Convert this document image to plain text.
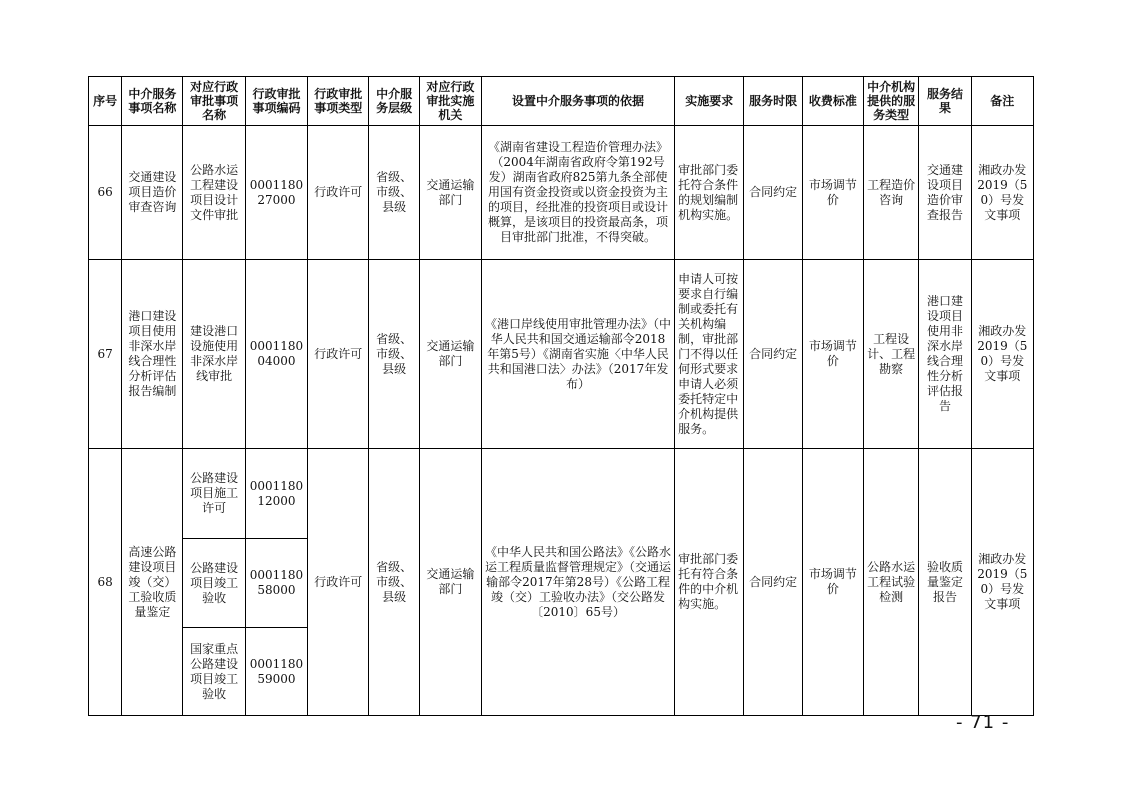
序号	中介服务事项名称	对应行政审批事项名称	行政审批事项编码	行政审批事项类型	中介服务层级	对应行政审批实施机关	设置中介服务事项的依据	实施要求	服务时限	收费标准	中介机构提供的服务类型	服务结果	备注
66	交通建设项目造价审查咨询	公路水运工程建设项目设计文件审批	000118027000	行政许可	省级、市级、县级	交通运输部门	《湖南省建设工程造价管理办法》（2004年湖南省政府令第192号发）湖南省政府825第九条全部使用国有资金投资或以资金投资为主的项目，经批准的投资项目或设计概算，是该项目的投资最高条，项目审批部门批准，不得突破。	审批部门委托符合条件的规划编制机构实施。	合同约定	市场调节价	工程造价咨询	交通建设项目造价审查报告	湘政办发2019（50）号发文事项
67	港口建设项目使用非深水岸线合理性分析评估报告编制	建设港口设施使用非深水岸线审批	000118004000	行政许可	省级、市级、县级	交通运输部门	《港口岸线使用审批管理办法》（中华人民共和国交通运输部令2018年第5号）《湖南省实施〈中华人民共和国港口法〉办法》（2017年发布）	申请人可按要求自行编制或委托有关机构编制，审批部门不得以任何形式要求申请人必须委托特定中介机构提供服务。	合同约定	市场调节价	工程设计、工程勘察	港口建设项目使用非深水岸线合理性分析评估报告	湘政办发2019（50）号发文事项
68	高速公路建设项目竣（交）工验收质量鉴定	公路建设项目施工许可	000118012000	行政许可	省级、市级、县级	交通运输部门	《中华人民共和国公路法》《公路水运工程质量监督管理规定》（交通运输部令2017年第28号）《公路工程竣（交）工验收办法》（交公路发〔2010〕65号）	审批部门委托有符合条件的中介机构实施。	合同约定	市场调节价	公路水运工程试验检测	验收质量鉴定报告	湘政办发2019（50）号发文事项
		公路建设项目竣工验收	000118058000										
		国家重点公路建设项目竣工验收	000118059000										
- 71 -
